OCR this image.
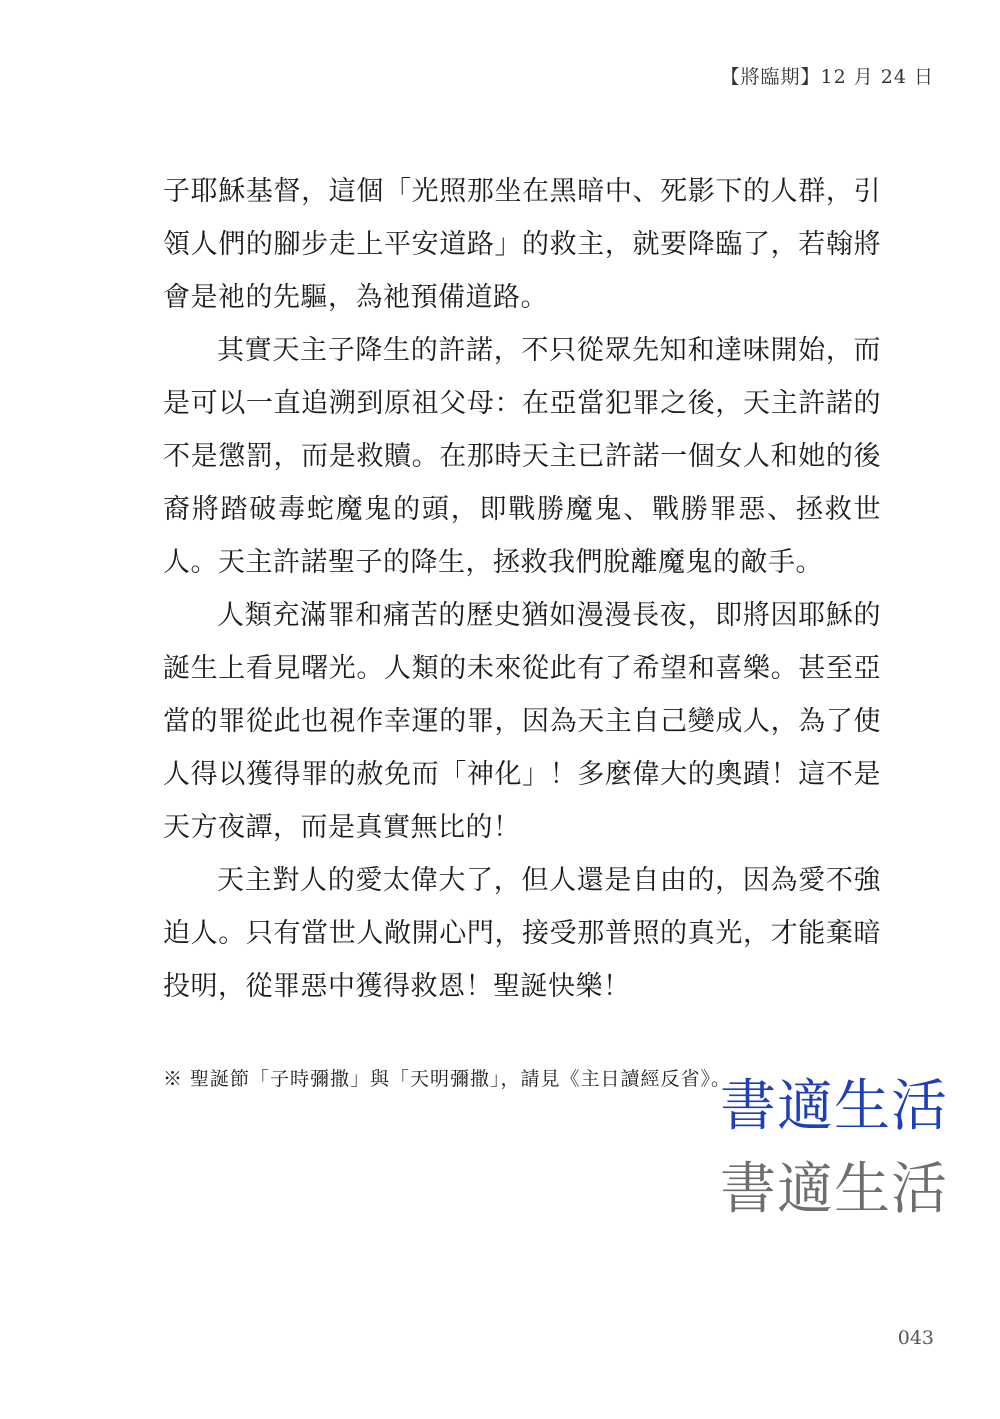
【將臨期】12 月 24 日

子耶穌基督，這個「光照那坐在黑暗中、死影下的人群，引領人們的腳步走上平安道路」的救主，就要降臨了，若翰將會是祂的先驅，為祂預備道路。

其實天主子降生的許諾，不只從眾先知和達味開始，而是可以一直追溯到原祖父母：在亞當犯罪之後，天主許諾的不是懲罰，而是救贖。在那時天主已許諾一個女人和她的後裔將踏破毒蛇魔鬼的頭，即戰勝魔鬼、戰勝罪惡、拯救世人。天主許諾聖子的降生，拯救我們脫離魔鬼的敵手。

人類充滿罪和痛苦的歷史猶如漫漫長夜，即將因耶穌的誕生上看見曙光。人類的未來從此有了希望和喜樂。甚至亞當的罪從此也視作幸運的罪，因為天主自己變成人，為了使人得以獲得罪的赦免而「神化」！多麼偉大的奧蹟！這不是天方夜譚，而是真實無比的！

天主對人的愛太偉大了，但人還是自由的，因為愛不強迫人。只有當世人敞開心門，接受那普照的真光，才能棄暗投明，從罪惡中獲得救恩！聖誕快樂！

※ 聖誕節「子時彌撒」與「天明彌撒」，請見《主日讀經反省》。
書適生活
書適生活
043
